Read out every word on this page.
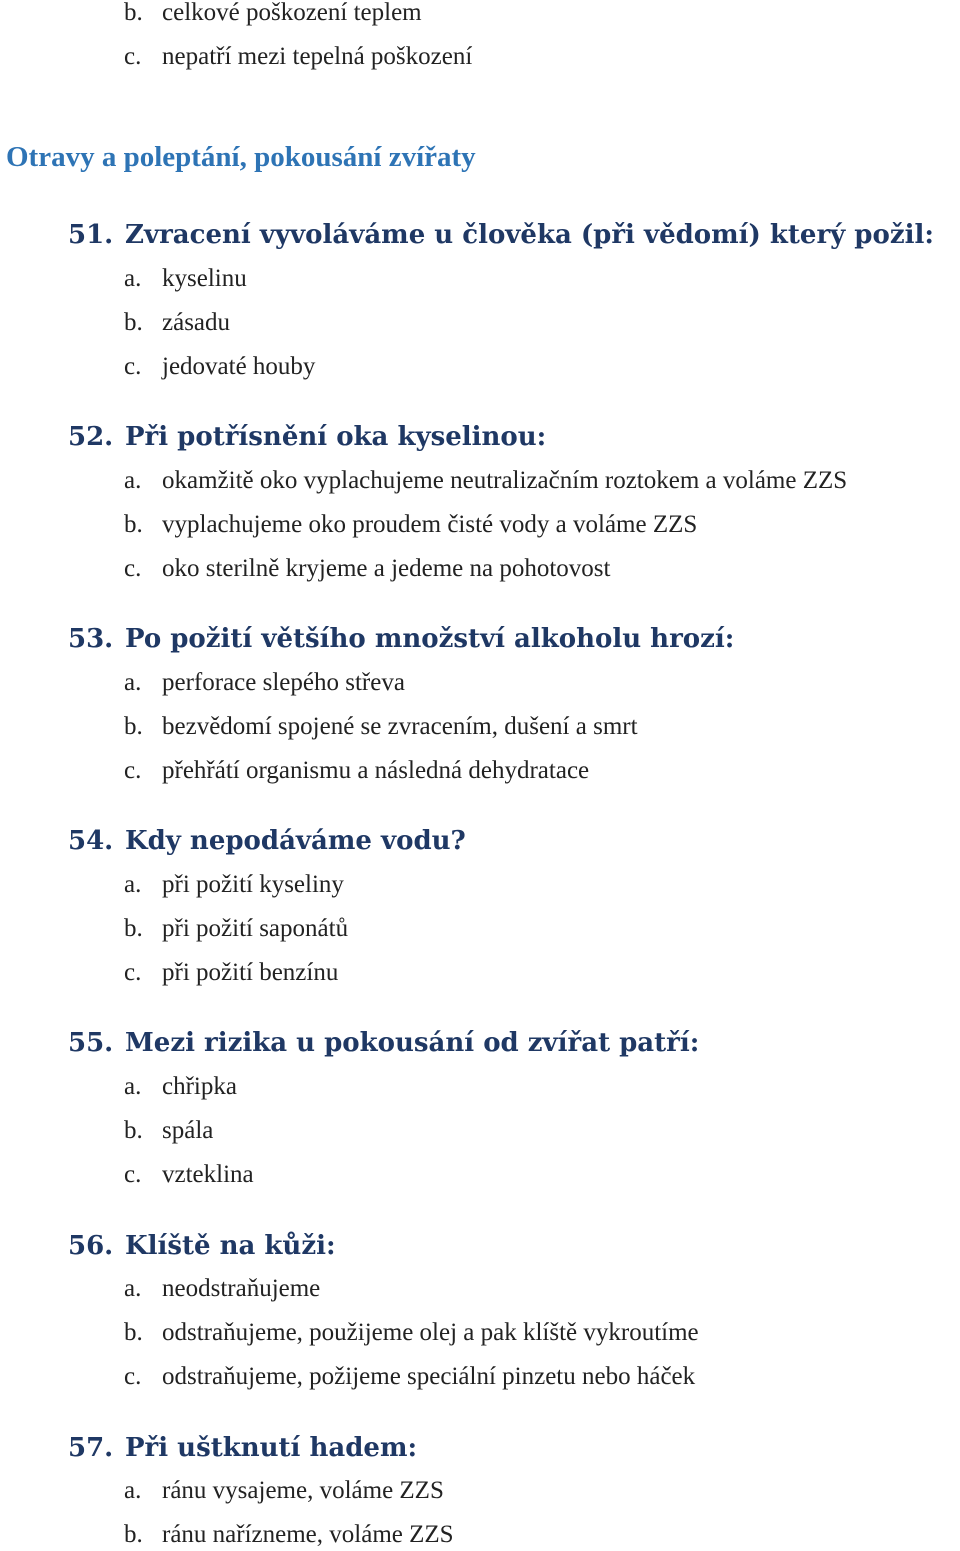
b. celkové poškození teplem
c. nepatří mezi tepelná poškození
Otravy a poleptání, pokousání zvířaty
51. Zvracení vyvoláváme u člověka (při vědomí) který požil:
a. kyselinu
b. zásadu
c. jedovaté houby
52. Při potřísnění oka kyselinou:
a. okamžitě oko vyplachujeme neutralizačním roztokem a voláme ZZS
b. vyplachujeme oko proudem čisté vody a voláme ZZS
c. oko sterilně kryjeme a jedeme na pohotovost
53. Po požití většího množství alkoholu hrozí:
a. perforace slepého střeva
b. bezvědomí spojené se zvracením, dušení a smrt
c. přehřátí organismu a následná dehydratace
54. Kdy nepodáváme vodu?
a. při požití kyseliny
b. při požití saponátů
c. při požití benzínu
55. Mezi rizika u pokousání od zvířat patří:
a. chřipka
b. spála
c. vzteklina
56. Klíště na kůži:
a. neodstraňujeme
b. odstraňujeme, použijeme olej a pak klíště vykroutíme
c. odstraňujeme, požijeme speciální pinzetu nebo háček
57. Při uštknutí hadem:
a. ránu vysajeme, voláme ZZS
b. ránu nařízneme, voláme ZZS
